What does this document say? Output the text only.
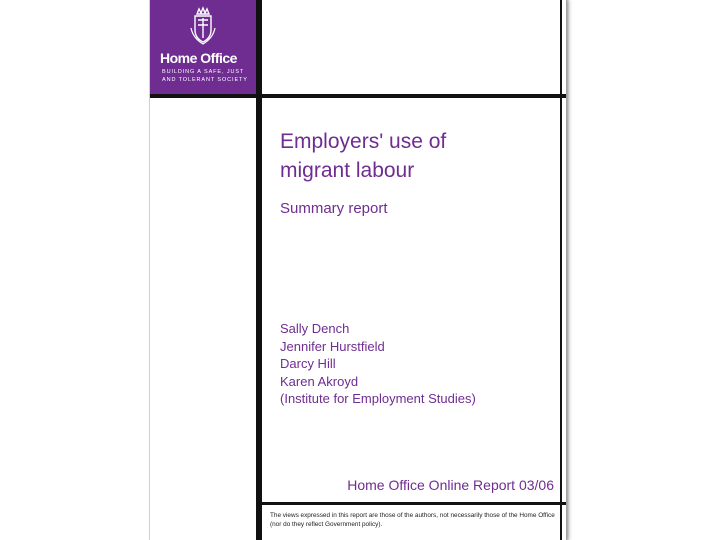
Home Office
BUILDING A SAFE, JUST AND TOLERANT SOCIETY
Employers' use of
migrant labour
Summary report
Sally Dench
Jennifer Hurstfield
Darcy Hill
Karen Akroyd
(Institute for Employment Studies)
Home Office Online Report 03/06
The views expressed in this report are those of the authors, not necessarily those of the Home Office (nor do they reflect Government policy).
